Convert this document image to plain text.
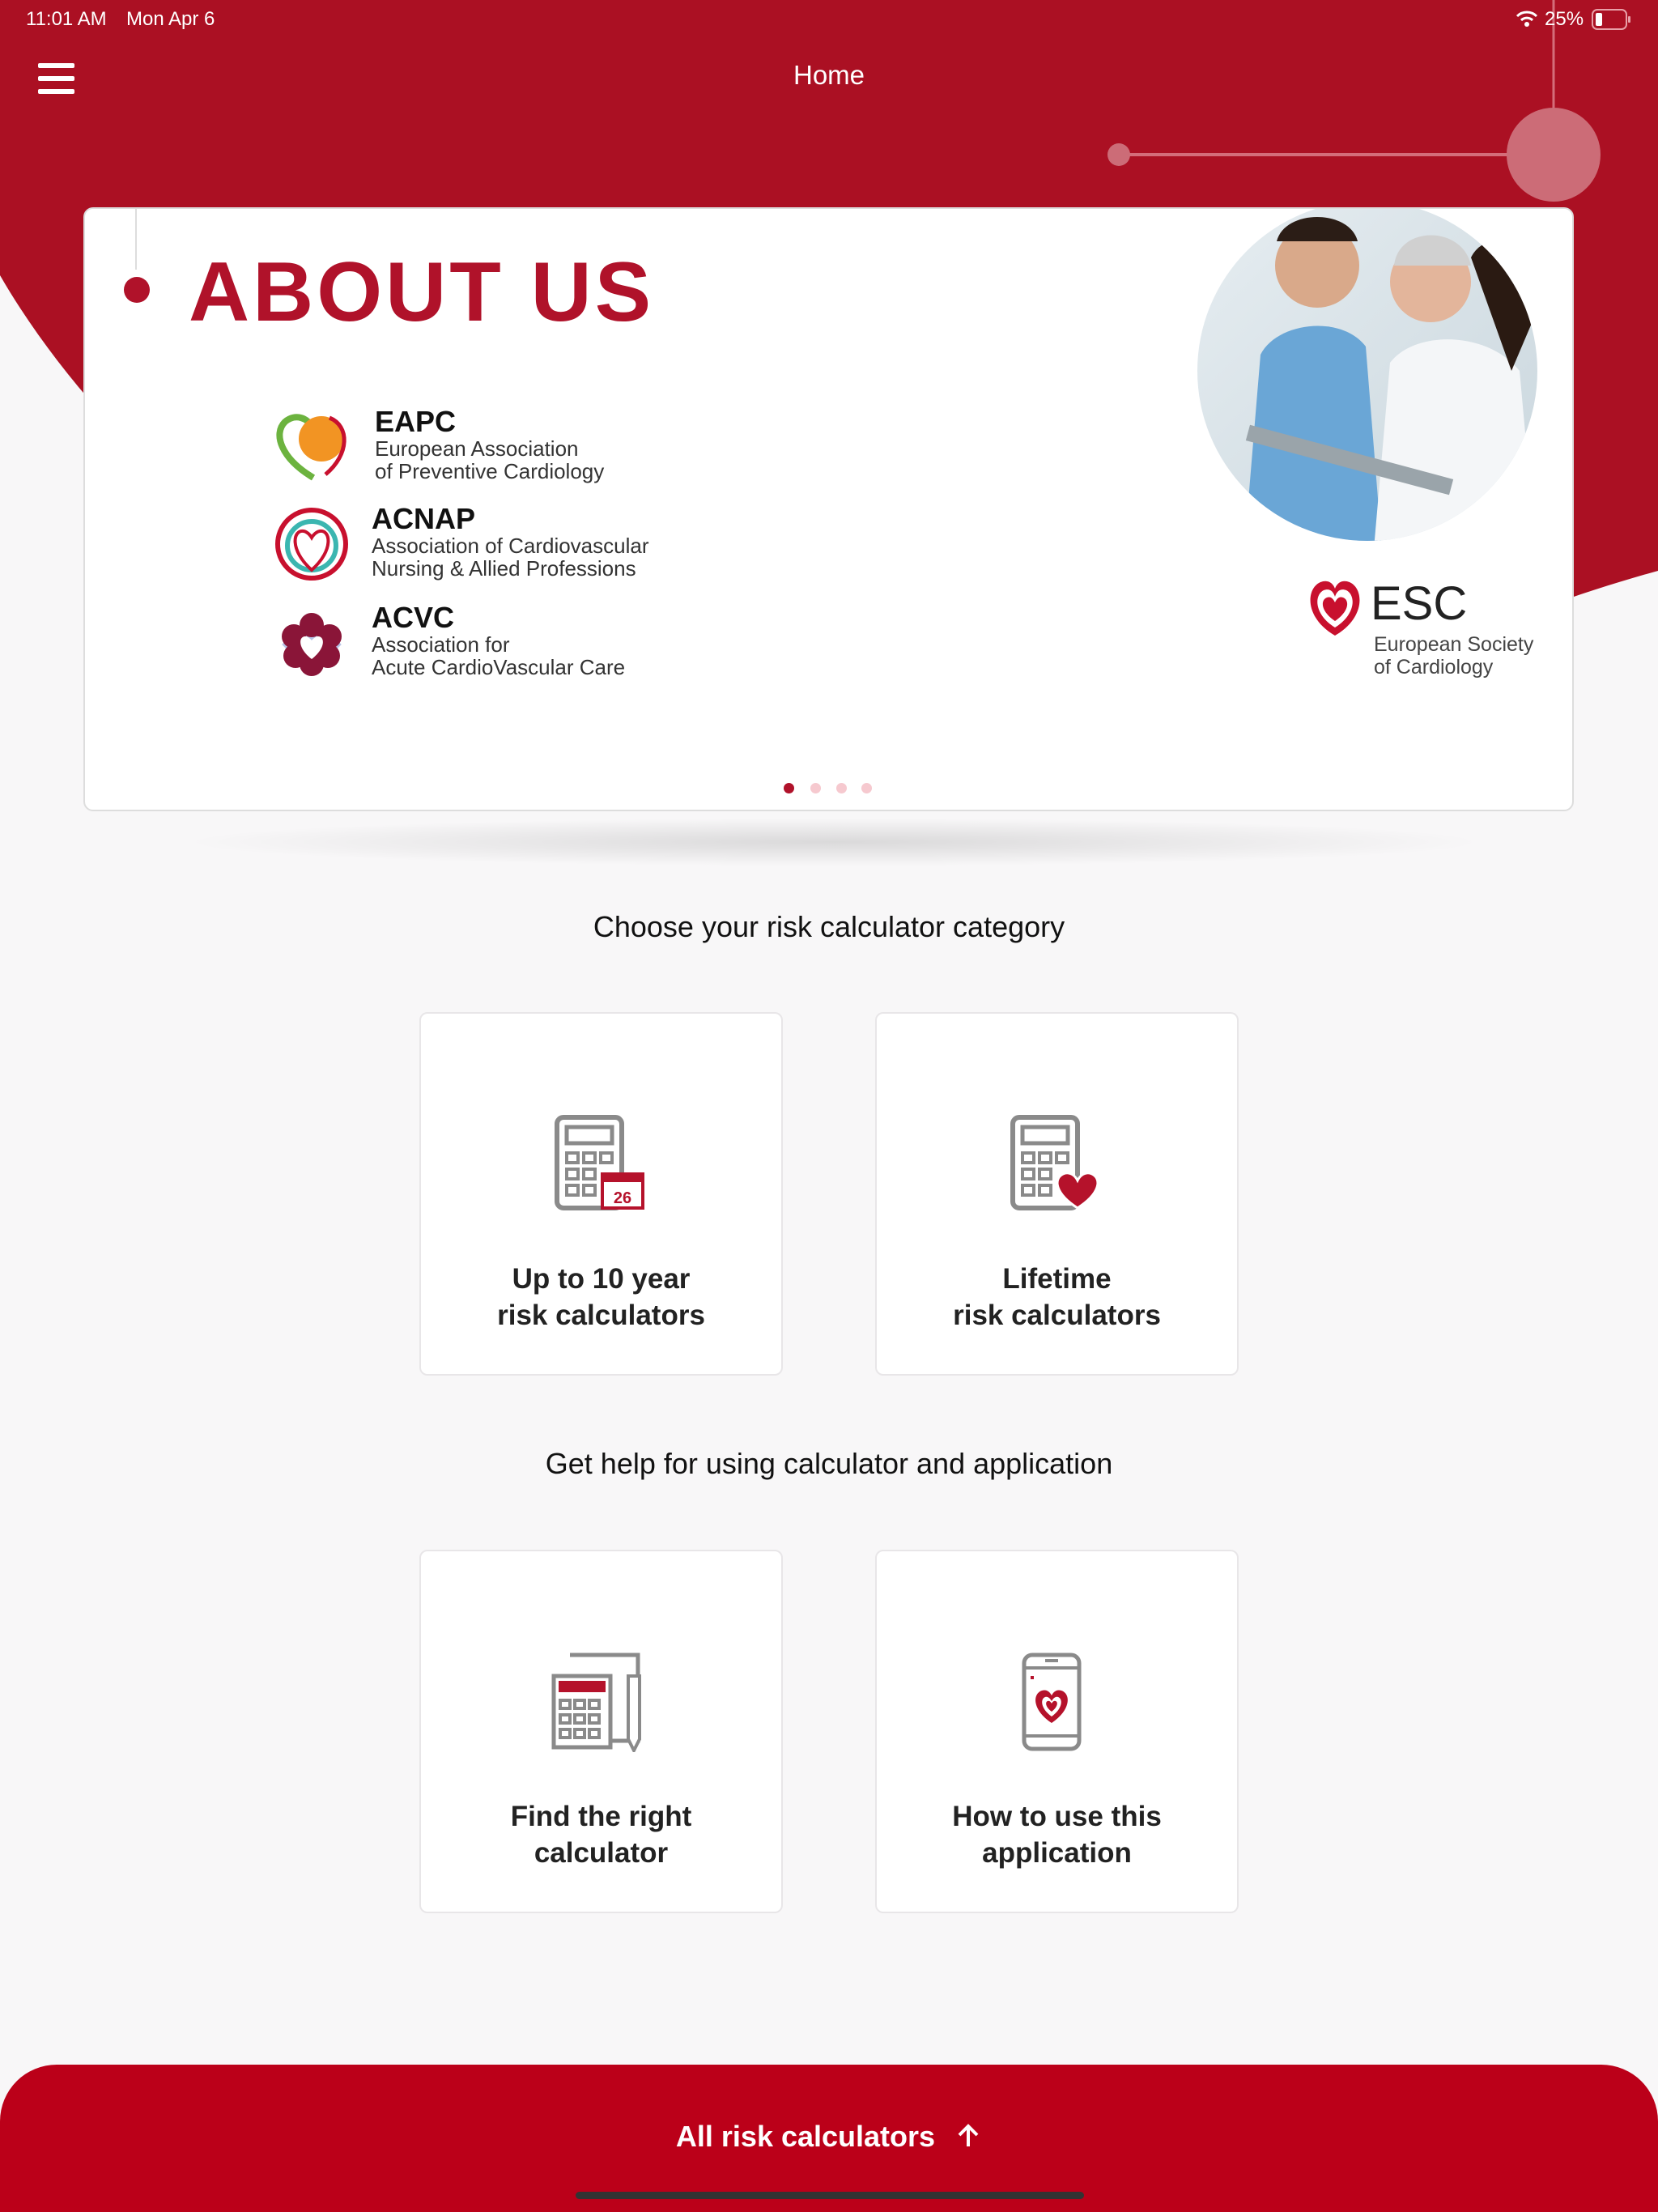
11:01 AM Mon Apr 6	25%
Home
ABOUT US
EAPC
European Association
of Preventive Cardiology
ACNAP
Association of Cardiovascular
Nursing & Allied Professions
ACVC
Association for
Acute CardioVascular Care
ESC
European Society
of Cardiology
Choose your risk calculator category
26
Up to 10 year
risk calculators
Lifetime
risk calculators
Get help for using calculator and application
Find the right
calculator
How to use this
application
All risk calculators
